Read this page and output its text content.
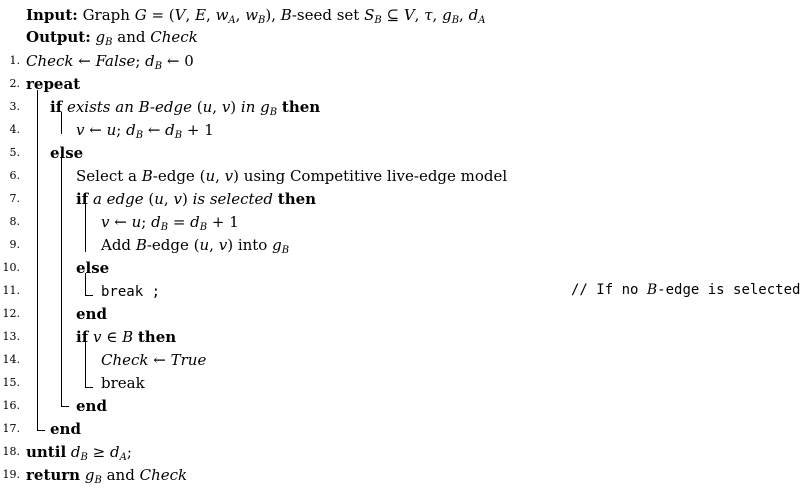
Input: Graph G = (V, E, $w_A$, $w_B$), B-seed set $S_B$ ⊆ V, τ, $g_B$, $d_A$
Output: $g_B$ and Check
1.
2.
3.
4.
5.
6.
7.
8.
9.
10.
11.
12.
13.
14.
15.
16.
17.
18.
19.
Check ← False; $d_B$ ← 0
repeat
if exists an B-edge (u, v) in $g_B$ then
v ← u; $d_B$ ← $d_B + 1$
else
Select a B-edge (u, v) using Competitive live-edge model
if a edge (u, v) is selected then
v ← u; $d_B = d_B + 1$
Add B-edge (u, v) into $g_B$
else
break ;	// If no B-edge is selected
end
if v ∈ B then
Check ← True
break
end
end
until $d_B \ge d_A$;
return $g_B$ and Check
